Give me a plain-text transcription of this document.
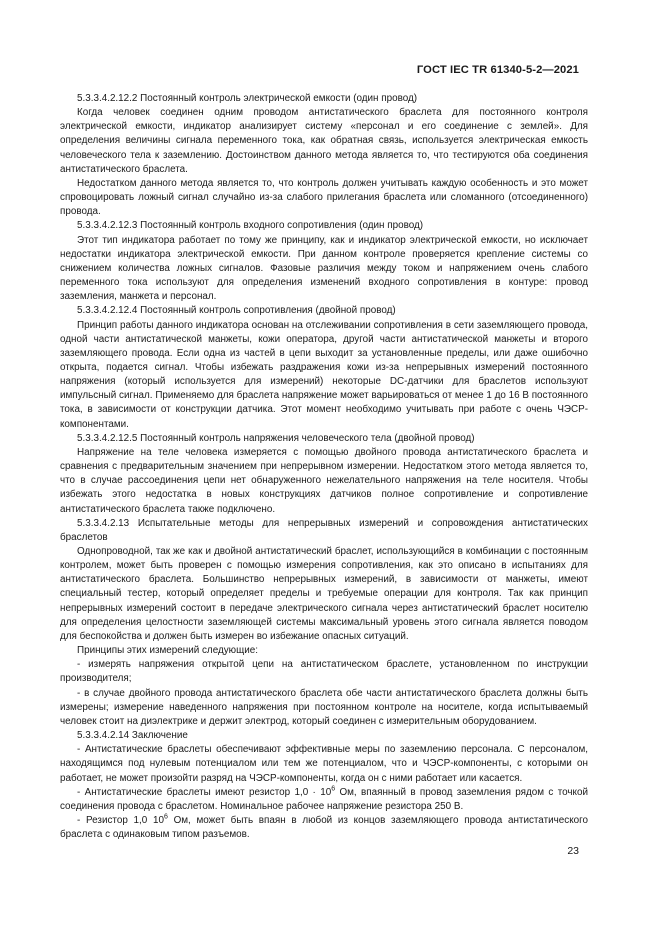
ГОСТ IEC TR 61340-5-2—2021

5.3.3.4.2.12.2 Постоянный контроль электрической емкости (один провод)

Когда человек соединен одним проводом антистатического браслета для постоянного контроля электрической емкости, индикатор анализирует систему «персонал и его соединение с землей». Для определения величины сигнала переменного тока, как обратная связь, используется электрическая емкость человеческого тела к заземлению. Достоинством данного метода является то, что тестируются оба соединения антистатического браслета.

Недостатком данного метода является то, что контроль должен учитывать каждую особенность и это может спровоцировать ложный сигнал случайно из-за слабого прилегания браслета или сломанного (отсоединенного) провода.

5.3.3.4.2.12.3 Постоянный контроль входного сопротивления (один провод)

Этот тип индикатора работает по тому же принципу, как и индикатор электрической емкости, но исключает недостатки индикатора электрической емкости. При данном контроле проверяется крепление системы со снижением количества ложных сигналов. Фазовые различия между током и напряжением очень слабого переменного тока используют для определения изменений входного сопротивления в контуре: провод заземления, манжета и персонал.

5.3.3.4.2.12.4 Постоянный контроль сопротивления (двойной провод)

Принцип работы данного индикатора основан на отслеживании сопротивления в сети заземляющего провода, одной части антистатической манжеты, кожи оператора, другой части антистатической манжеты и второго заземляющего провода. Если одна из частей в цепи выходит за установленные пределы, или даже ошибочно открыта, подается сигнал. Чтобы избежать раздражения кожи из-за непрерывных измерений постоянного напряжения (который используется для измерений) некоторые DC-датчики для браслетов используют импульсный сигнал. Применяемо для браслета напряжение может варьироваться от менее 1 до 16 В постоянного тока, в зависимости от конструкции датчика. Этот момент необходимо учитывать при работе с очень ЧЭСР-компонентами.

5.3.3.4.2.12.5 Постоянный контроль напряжения человеческого тела (двойной провод)

Напряжение на теле человека измеряется с помощью двойного провода антистатического браслета и сравнения с предварительным значением при непрерывном измерении. Недостатком этого метода является то, что в случае рассоединения цепи нет обнаруженного нежелательного напряжения на теле носителя. Чтобы избежать этого недостатка в новых конструкциях датчиков полное сопротивление и сопротивление антистатического браслета также подключено.

5.3.3.4.2.13 Испытательные методы для непрерывных измерений и сопровождения антистатических браслетов

Однопроводной, так же как и двойной антистатический браслет, использующийся в комбинации с постоянным контролем, может быть проверен с помощью измерения сопротивления, как это описано в испытаниях для антистатического браслета. Большинство непрерывных измерений, в зависимости от манжеты, имеют специальный тестер, который определяет пределы и требуемые операции для контроля. Так как принцип непрерывных измерений состоит в передаче электрического сигнала через антистатический браслет носителю для определения целостности заземляющей системы максимальный уровень этого сигнала является поводом для беспокойства и должен быть измерен во избежание опасных ситуаций.

Принципы этих измерений следующие:

- измерять напряжения открытой цепи на антистатическом браслете, установленном по инструкции производителя;

- в случае двойного провода антистатического браслета обе части антистатического браслета должны быть измерены; измерение наведенного напряжения при постоянном контроле на носителе, когда испытываемый человек стоит на диэлектрике и держит электрод, который соединен с измерительным оборудованием.

5.3.3.4.2.14 Заключение

- Антистатические браслеты обеспечивают эффективные меры по заземлению персонала. С персоналом, находящимся под нулевым потенциалом или тем же потенциалом, что и ЧЭСР-компоненты, с которыми он работает, не может произойти разряд на ЧЭСР-компоненты, когда он с ними работает или касается.

- Антистатические браслеты имеют резистор $1,0 \cdot 10^6$ Ом, впаянный в провод заземления рядом с точкой соединения провода с браслетом. Номинальное рабочее напряжение резистора 250 В.

- Резистор 1,0 $10^6$ Ом, может быть впаян в любой из концов заземляющего провода антистатического браслета с одинаковым типом разъемов.

23
